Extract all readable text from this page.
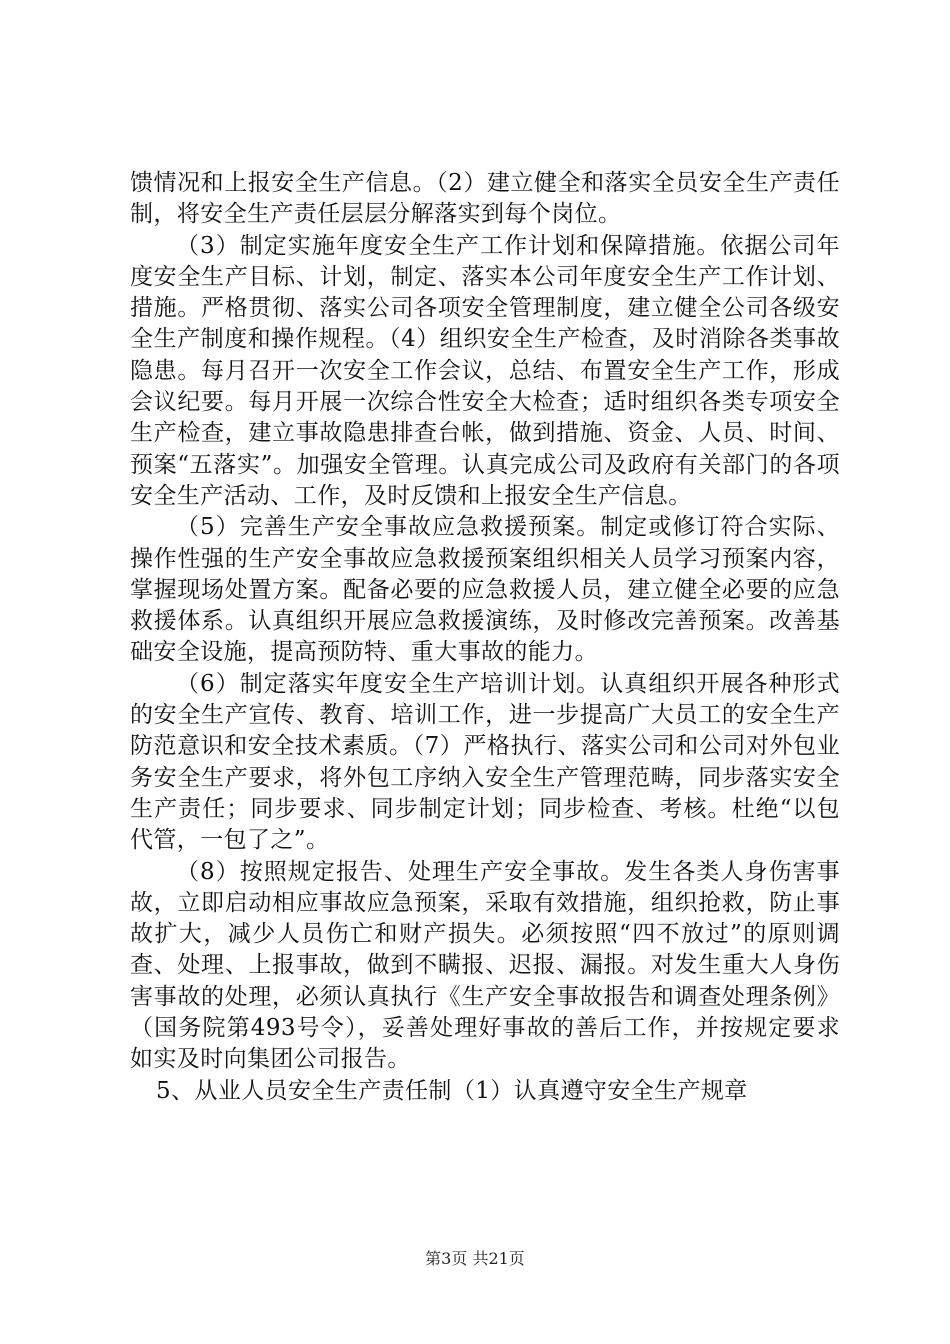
馈情况和上报安全生产信息。（2）建立健全和落实全员安全生产责任制，将安全生产责任层层分解落实到每个岗位。

（3）制定实施年度安全生产工作计划和保障措施。依据公司年度安全生产目标、计划，制定、落实本公司年度安全生产工作计划、措施。严格贯彻、落实公司各项安全管理制度，建立健全公司各级安全生产制度和操作规程。（4）组织安全生产检查，及时消除各类事故隐患。每月召开一次安全工作会议，总结、布置安全生产工作，形成会议纪要。每月开展一次综合性安全大检查；适时组织各类专项安全生产检查，建立事故隐患排查台帐，做到措施、资金、人员、时间、预案“五落实”。加强安全管理。认真完成公司及政府有关部门的各项安全生产活动、工作，及时反馈和上报安全生产信息。

（5）完善生产安全事故应急救援预案。制定或修订符合实际、操作性强的生产安全事故应急救援预案组织相关人员学习预案内容，掌握现场处置方案。配备必要的应急救援人员，建立健全必要的应急救援体系。认真组织开展应急救援演练，及时修改完善预案。改善基础安全设施，提高预防特、重大事故的能力。

（6）制定落实年度安全生产培训计划。认真组织开展各种形式的安全生产宣传、教育、培训工作，进一步提高广大员工的安全生产防范意识和安全技术素质。（7）严格执行、落实公司和公司对外包业务安全生产要求，将外包工序纳入安全生产管理范畴，同步落实安全生产责任；同步要求、同步制定计划；同步检查、考核。杜绝“以包代管，一包了之”。

（8）按照规定报告、处理生产安全事故。发生各类人身伤害事故，立即启动相应事故应急预案，采取有效措施，组织抢救，防止事故扩大，减少人员伤亡和财产损失。必须按照“四不放过”的原则调查、处理、上报事故，做到不瞒报、迟报、漏报。对发生重大人身伤害事故的处理，必须认真执行《生产安全事故报告和调查处理条例》（国务院第493号令），妥善处理好事故的善后工作，并按规定要求如实及时向集团公司报告。

5、从业人员安全生产责任制（1）认真遵守安全生产规章

第3页 共21页
